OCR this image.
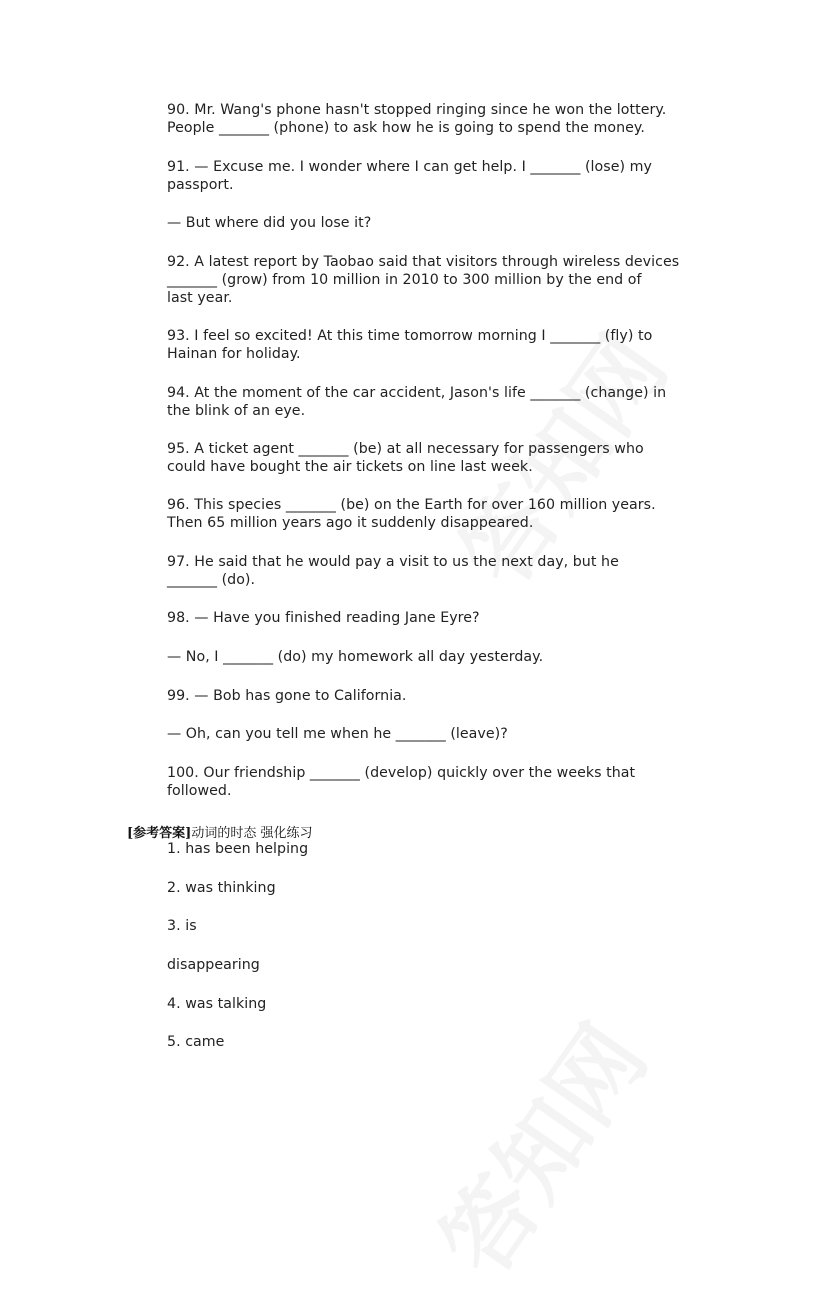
90. Mr. Wang's phone hasn't stopped ringing since he won the lottery.
People _______ (phone) to ask how he is going to spend the money.

91. — Excuse me. I wonder where I can get help. I _______ (lose) my
passport.

— But where did you lose it?

92. A latest report by Taobao said that visitors through wireless devices
_______ (grow) from 10 million in 2010 to 300 million by the end of
last year.

93. I feel so excited! At this time tomorrow morning I _______ (fly) to
Hainan for holiday.

94. At the moment of the car accident, Jason's life _______ (change) in
the blink of an eye.

95. A ticket agent _______ (be) at all necessary for passengers who
could have bought the air tickets on line last week.

96. This species _______ (be) on the Earth for over 160 million years.
Then 65 million years ago it suddenly disappeared.

97. He said that he would pay a visit to us the next day, but he
_______ (do).

98. — Have you finished reading Jane Eyre?

— No, I _______ (do) my homework all day yesterday.

99. — Bob has gone to California.

— Oh, can you tell me when he _______ (leave)?

100. Our friendship _______ (develop) quickly over the weeks that
followed.

[参考答案]动词的时态 强化练习

1. has been helping

2. was thinking

3. is

disappearing

4. was talking

5. came
